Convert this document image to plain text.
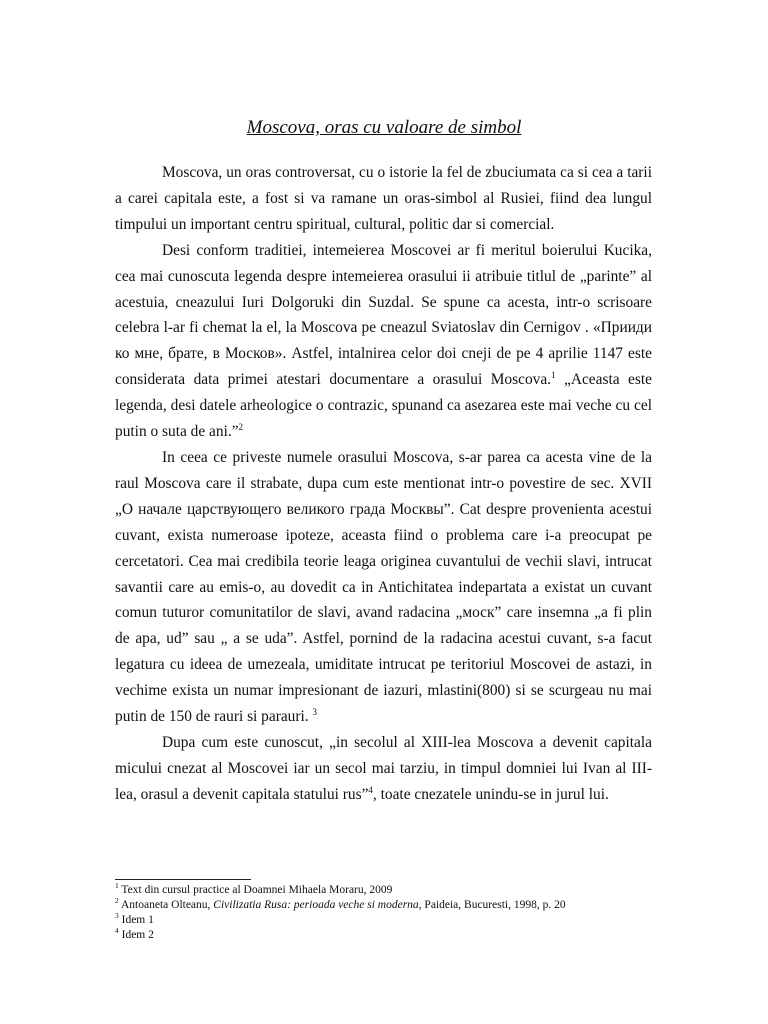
Moscova, oras cu valoare de simbol

Moscova, un oras controversat, cu o istorie la fel de zbuciumata ca si cea a tarii a carei capitala este, a fost si va ramane un oras-simbol al Rusiei, fiind dea lungul timpului un important centru spiritual, cultural, politic dar si comercial.

Desi conform traditiei, intemeierea Moscovei ar fi meritul boierului Kucika, cea mai cunoscuta legenda despre intemeierea orasului ii atribuie titlul de „parinte” al acestuia, cneazului Iuri Dolgoruki din Suzdal. Se spune ca acesta, intr-o scrisoare celebra l-ar fi chemat la el, la Moscova pe cneazul Sviatoslav din Cernigov . «Прииди ко мне, брате, в Москов». Astfel, intalnirea celor doi cneji de pe 4 aprilie 1147 este considerata data primei atestari documentare a orasului Moscova.$^1$ „Aceasta este legenda, desi datele arheologice o contrazic, spunand ca asezarea este mai veche cu cel putin o suta de ani.”$^2$

In ceea ce priveste numele orasului Moscova, s-ar parea ca acesta vine de la raul Moscova care il strabate, dupa cum este mentionat intr-o povestire de sec. XVII „О начале царствующего великого града Москвы”. Cat despre provenienta acestui cuvant, exista numeroase ipoteze, aceasta fiind o problema care i-a preocupat pe cercetatori. Cea mai credibila teorie leaga originea cuvantului de vechii slavi, intrucat savantii care au emis-o, au dovedit ca in Antichitatea indepartata a existat un cuvant comun tuturor comunitatilor de slavi, avand radacina „моск” care insemna „a fi plin de apa, ud” sau „ a se uda”. Astfel, pornind de la radacina acestui cuvant, s-a facut legatura cu ideea de umezeala, umiditate intrucat pe teritoriul Moscovei de astazi, in vechime exista un numar impresionant de iazuri, mlastini(800) si se scurgeau nu mai putin de 150 de rauri si parauri. $^3$

Dupa cum este cunoscut, „in secolul al XIII-lea Moscova a devenit capitala micului cnezat al Moscovei iar un secol mai tarziu, in timpul domniei lui Ivan al III-lea, orasul a devenit capitala statului rus”$^4$, toate cnezatele unindu-se in jurul lui.

$^1$ Text din cursul practice al Doamnei Mihaela Moraru, 2009
$^2$ Antoaneta Olteanu, Civilizatia Rusa: perioada veche si moderna, Paideia, Bucuresti, 1998, p. 20
$^3$ Idem 1
$^4$ Idem 2
